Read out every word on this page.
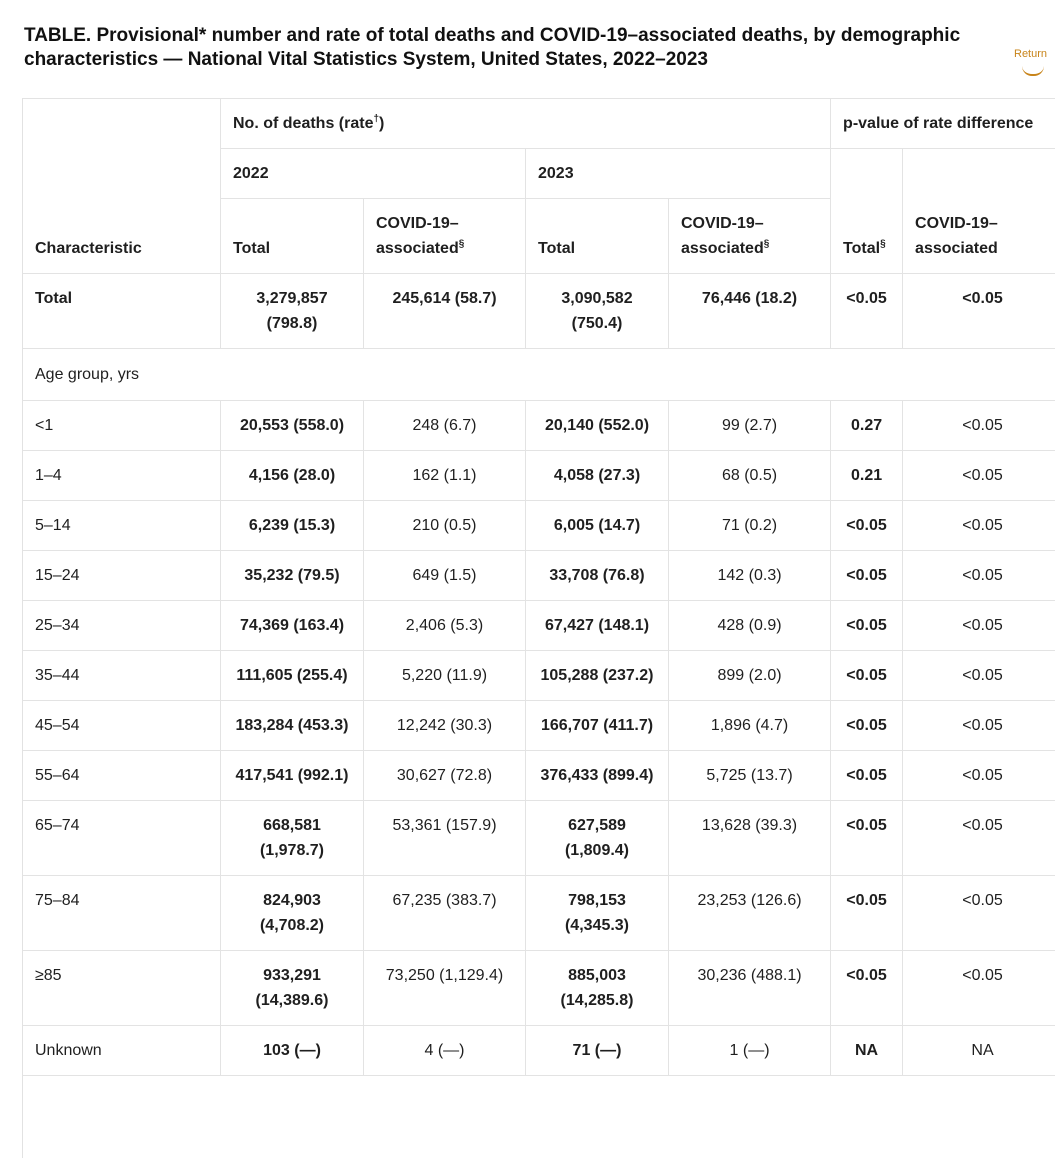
TABLE. Provisional* number and rate of total deaths and COVID-19–associated deaths, by demographic characteristics — National Vital Statistics System, United States, 2022–2023	Return
Characteristic	No. of deaths (rate†)				p-value of rate difference	
	2022		2023		Total§	COVID-19–associated
	Total	COVID-19–associated§	Total	COVID-19–associated§
Total	3,279,857 (798.8)	245,614 (58.7)	3,090,582 (750.4)	76,446 (18.2)	<0.05	<0.05
Age group, yrs						
<1	20,553 (558.0)	248 (6.7)	20,140 (552.0)	99 (2.7)	0.27	<0.05
1–4	4,156 (28.0)	162 (1.1)	4,058 (27.3)	68 (0.5)	0.21	<0.05
5–14	6,239 (15.3)	210 (0.5)	6,005 (14.7)	71 (0.2)	<0.05	<0.05
15–24	35,232 (79.5)	649 (1.5)	33,708 (76.8)	142 (0.3)	<0.05	<0.05
25–34	74,369 (163.4)	2,406 (5.3)	67,427 (148.1)	428 (0.9)	<0.05	<0.05
35–44	111,605 (255.4)	5,220 (11.9)	105,288 (237.2)	899 (2.0)	<0.05	<0.05
45–54	183,284 (453.3)	12,242 (30.3)	166,707 (411.7)	1,896 (4.7)	<0.05	<0.05
55–64	417,541 (992.1)	30,627 (72.8)	376,433 (899.4)	5,725 (13.7)	<0.05	<0.05
65–74	668,581 (1,978.7)	53,361 (157.9)	627,589 (1,809.4)	13,628 (39.3)	<0.05	<0.05
75–84	824,903 (4,708.2)	67,235 (383.7)	798,153 (4,345.3)	23,253 (126.6)	<0.05	<0.05
≥85	933,291 (14,389.6)	73,250 (1,129.4)	885,003 (14,285.8)	30,236 (488.1)	<0.05	<0.05
Unknown	103 (—)	4 (—)	71 (—)	1 (—)	NA	NA
